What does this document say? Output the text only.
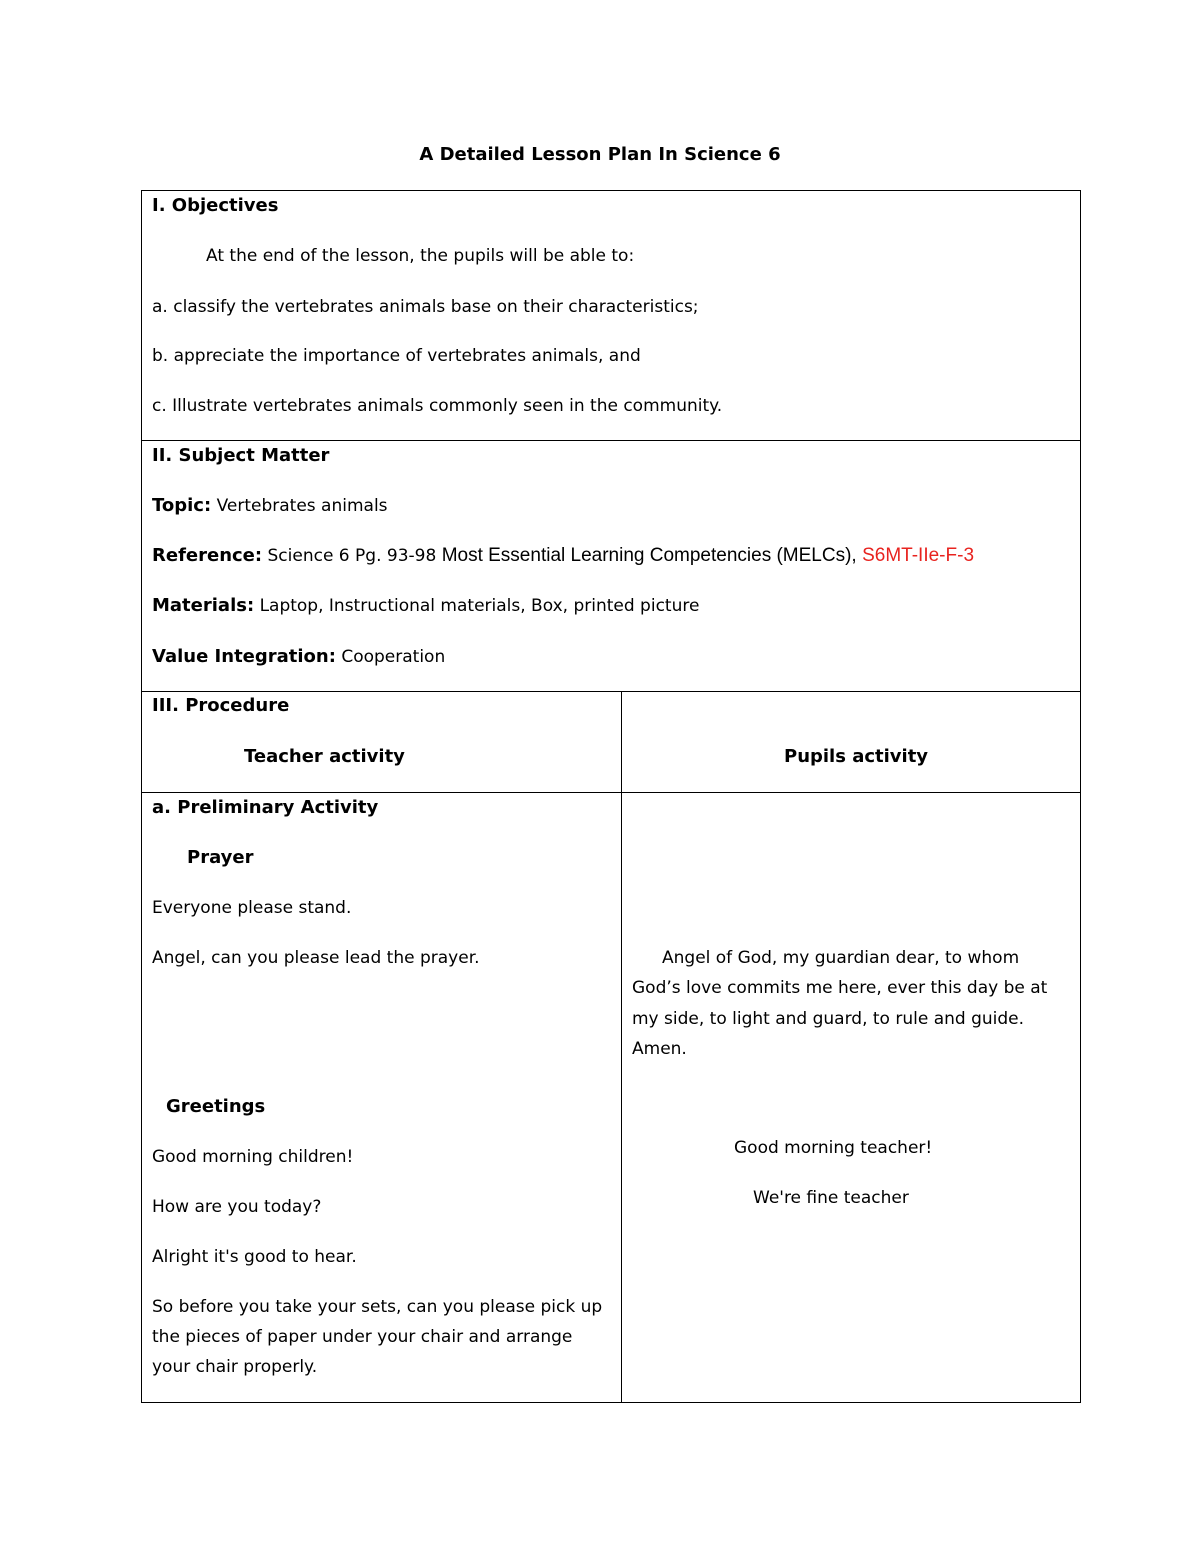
A Detailed Lesson Plan In Science 6
I. Objectives
At the end of the lesson, the pupils will be able to:
a. classify the vertebrates animals base on their characteristics;
b. appreciate the importance of vertebrates animals, and
c. Illustrate vertebrates animals commonly seen in the community.
II. Subject Matter
Topic: Vertebrates animals
Reference: Science 6 Pg. 93-98 Most Essential Learning Competencies (MELCs), S6MT-IIe-F-3
Materials: Laptop, Instructional materials, Box, printed picture
Value Integration: Cooperation
III. Procedure
Teacher activity	Pupils activity
a. Preliminary Activity
Prayer
Everyone please stand.
Angel, can you please lead the prayer.
Greetings
Good morning children!
How are you today?
Alright it's good to hear.
So before you take your sets, can you please pick up
the pieces of paper under your chair and arrange
your chair properly.
Angel of God, my guardian dear, to whom
God’s love commits me here, ever this day be at
my side, to light and guard, to rule and guide.
Amen.
Good morning teacher!
We're fine teacher
